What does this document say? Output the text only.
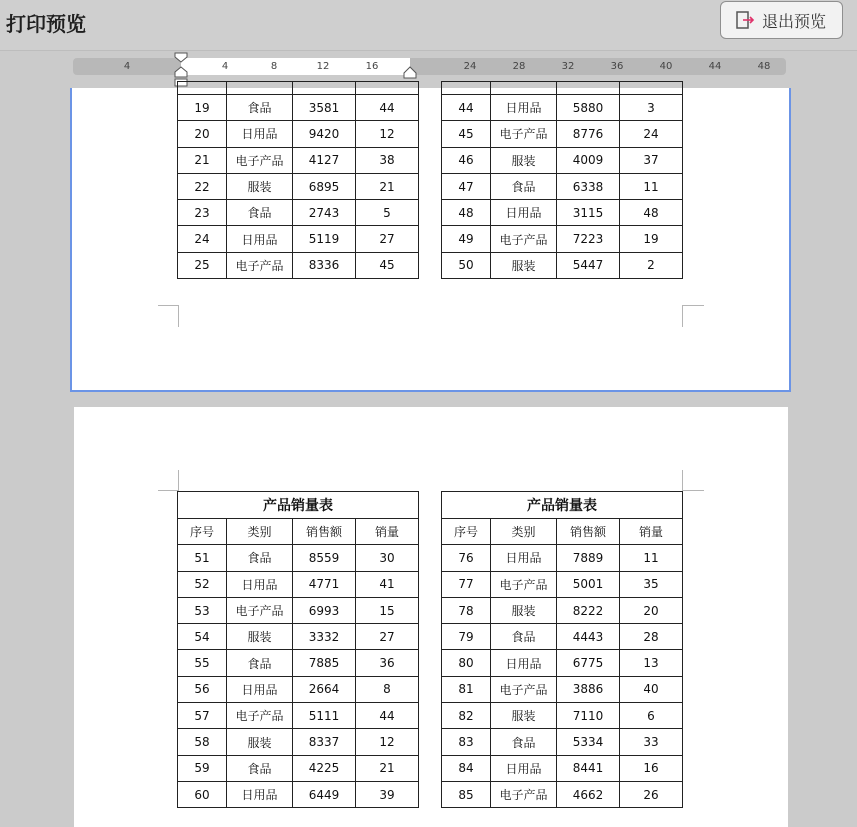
打印预览	退出预览
4	4	8	12	16	24	28	32	36	40	44	48

19	食品	3581	44
20	日用品	9420	12
21	电子产品	4127	38
22	服装	6895	21
23	食品	2743	5
24	日用品	5119	27
25	电子产品	8336	45

44	日用品	5880	3
45	电子产品	8776	24
46	服装	4009	37
47	食品	6338	11
48	日用品	3115	48
49	电子产品	7223	19
50	服装	5447	2
产品销量表			
序号	类别	销售额	销量
51	食品	8559	30
52	日用品	4771	41
53	电子产品	6993	15
54	服装	3332	27
55	食品	7885	36
56	日用品	2664	8
57	电子产品	5111	44
58	服装	8337	12
59	食品	4225	21
60	日用品	6449	39
产品销量表			
序号	类别	销售额	销量
76	日用品	7889	11
77	电子产品	5001	35
78	服装	8222	20
79	食品	4443	28
80	日用品	6775	13
81	电子产品	3886	40
82	服装	7110	6
83	食品	5334	33
84	日用品	8441	16
85	电子产品	4662	26
